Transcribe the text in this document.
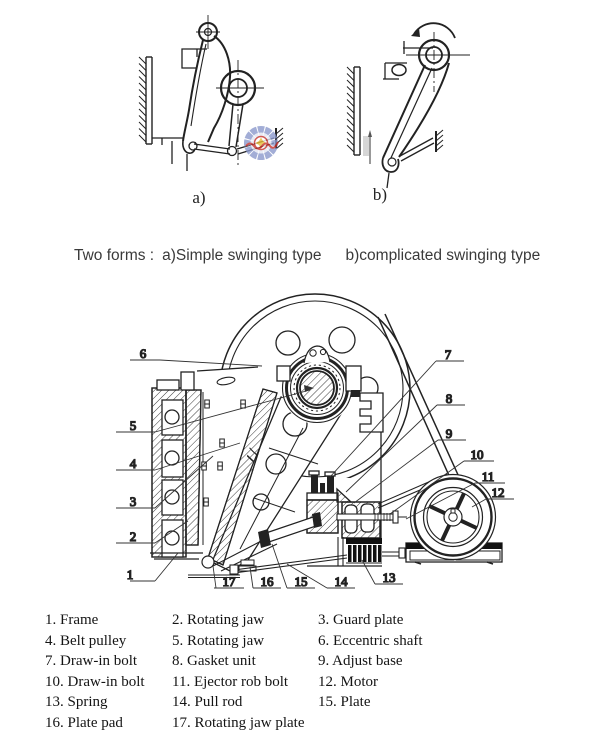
a)	b)
1
2
3
4
5
6	7
8
9
10
11
12
13
14
15
16
17
Two forms : a)Simple swinging type b)complicated swinging type
1. Frame	2. Rotating jaw	3. Guard plate
4. Belt pulley	5. Rotating jaw	6. Eccentric shaft
7. Draw-in bolt	8. Gasket unit	9. Adjust base
10. Draw-in bolt	11. Ejector rob bolt	12. Motor
13. Spring	14. Pull rod	15. Plate
16. Plate pad	17. Rotating jaw plate
